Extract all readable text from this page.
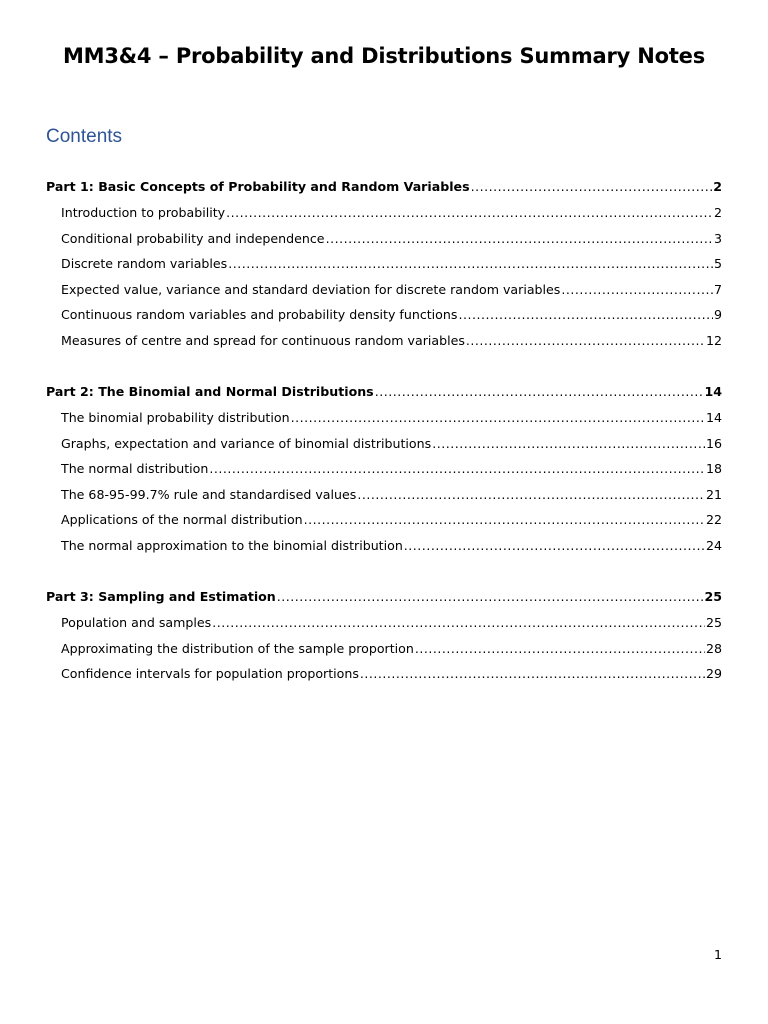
MM3&4 – Probability and Distributions Summary Notes
Contents
Part 1: Basic Concepts of Probability and Random Variables .....	2
Introduction to probability .....	2
Conditional probability and independence .....	3
Discrete random variables .....	5
Expected value, variance and standard deviation for discrete random variables .....	7
Continuous random variables and probability density functions .....	9
Measures of centre and spread for continuous random variables .....	12
Part 2: The Binomial and Normal Distributions .....	14
The binomial probability distribution .....	14
Graphs, expectation and variance of binomial distributions .....	16
The normal distribution .....	18
The 68-95-99.7% rule and standardised values .....	21
Applications of the normal distribution .....	22
The normal approximation to the binomial distribution .....	24
Part 3: Sampling and Estimation .....	25
Population and samples .....	25
Approximating the distribution of the sample proportion .....	28
Confidence intervals for population proportions .....	29
1
